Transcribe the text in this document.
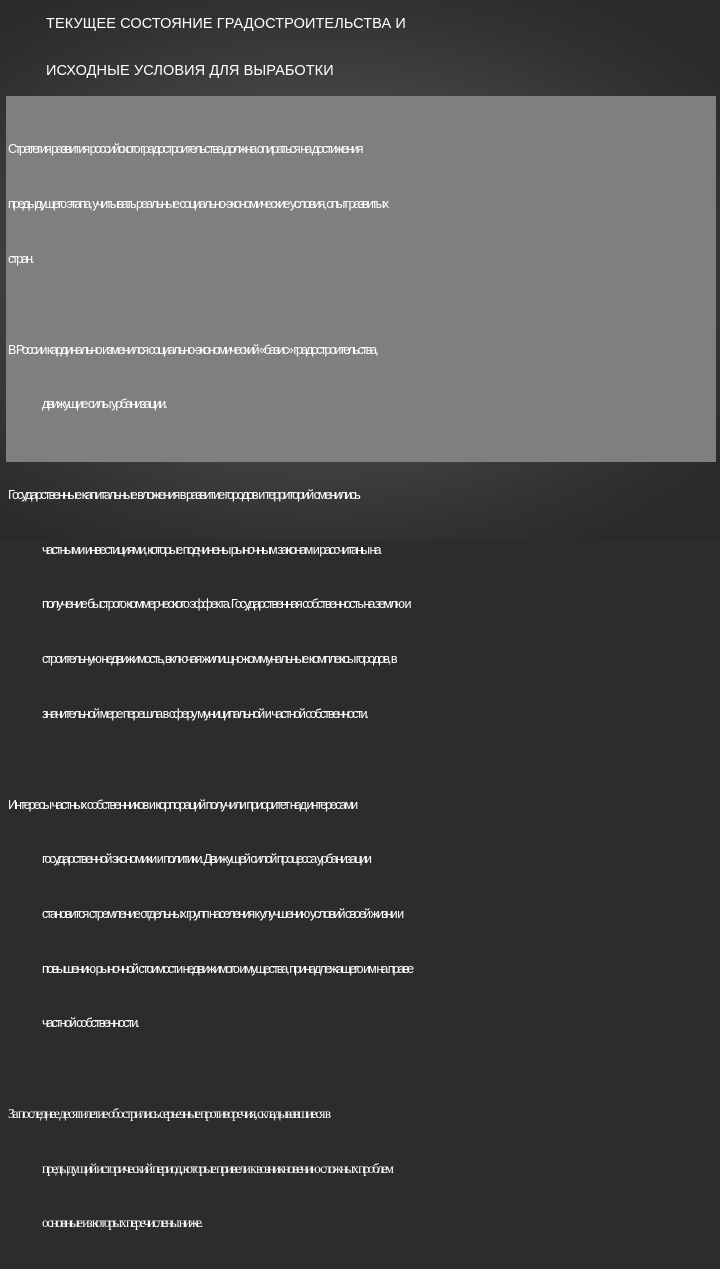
ТЕКУЩЕЕ СОСТОЯНИЕ ГРАДОСТРОИТЕЛЬСТВА И
ИСХОДНЫЕ УСЛОВИЯ ДЛЯ ВЫРАБОТКИ

Стратегия развития российского градостроительства должна опираться на достижения

предыдущего этапа, учитывать реальные социально-экономические условия, опыт развитых

стран.

В России кардинально изменился социально-экономический «базис» градостроительства,

движущие силы урбанизации.

Государственные капитальные вложения в развитие городов и территорий сменились

частными инвестициями, которые подчинены рыночным законам и рассчитаны на

получение быстрого коммерческого эффекта. Государственная собственность на землю и

строительную недвижимость, включая жилищно-коммунальные комплексы городов, в

значительной мере перешла в сферу муниципальной и частной собственности.

Интересы частных собственников и корпораций получили приоритет над интересами

государственной экономики и политики. Движущей силой процесса урбанизации

становится стремление отдельных групп населения к улучшению условий своей жизни и

повышению рыночной стоимости недвижимого имущества, принадлежащего им на праве

частной собственности.

За последнее десятилетие обострились серьезные противоречия, складывавшиеся в

предыдущий исторический период, которые привели к возникновению сложных проблем

основные из которых перечислены ниже.
